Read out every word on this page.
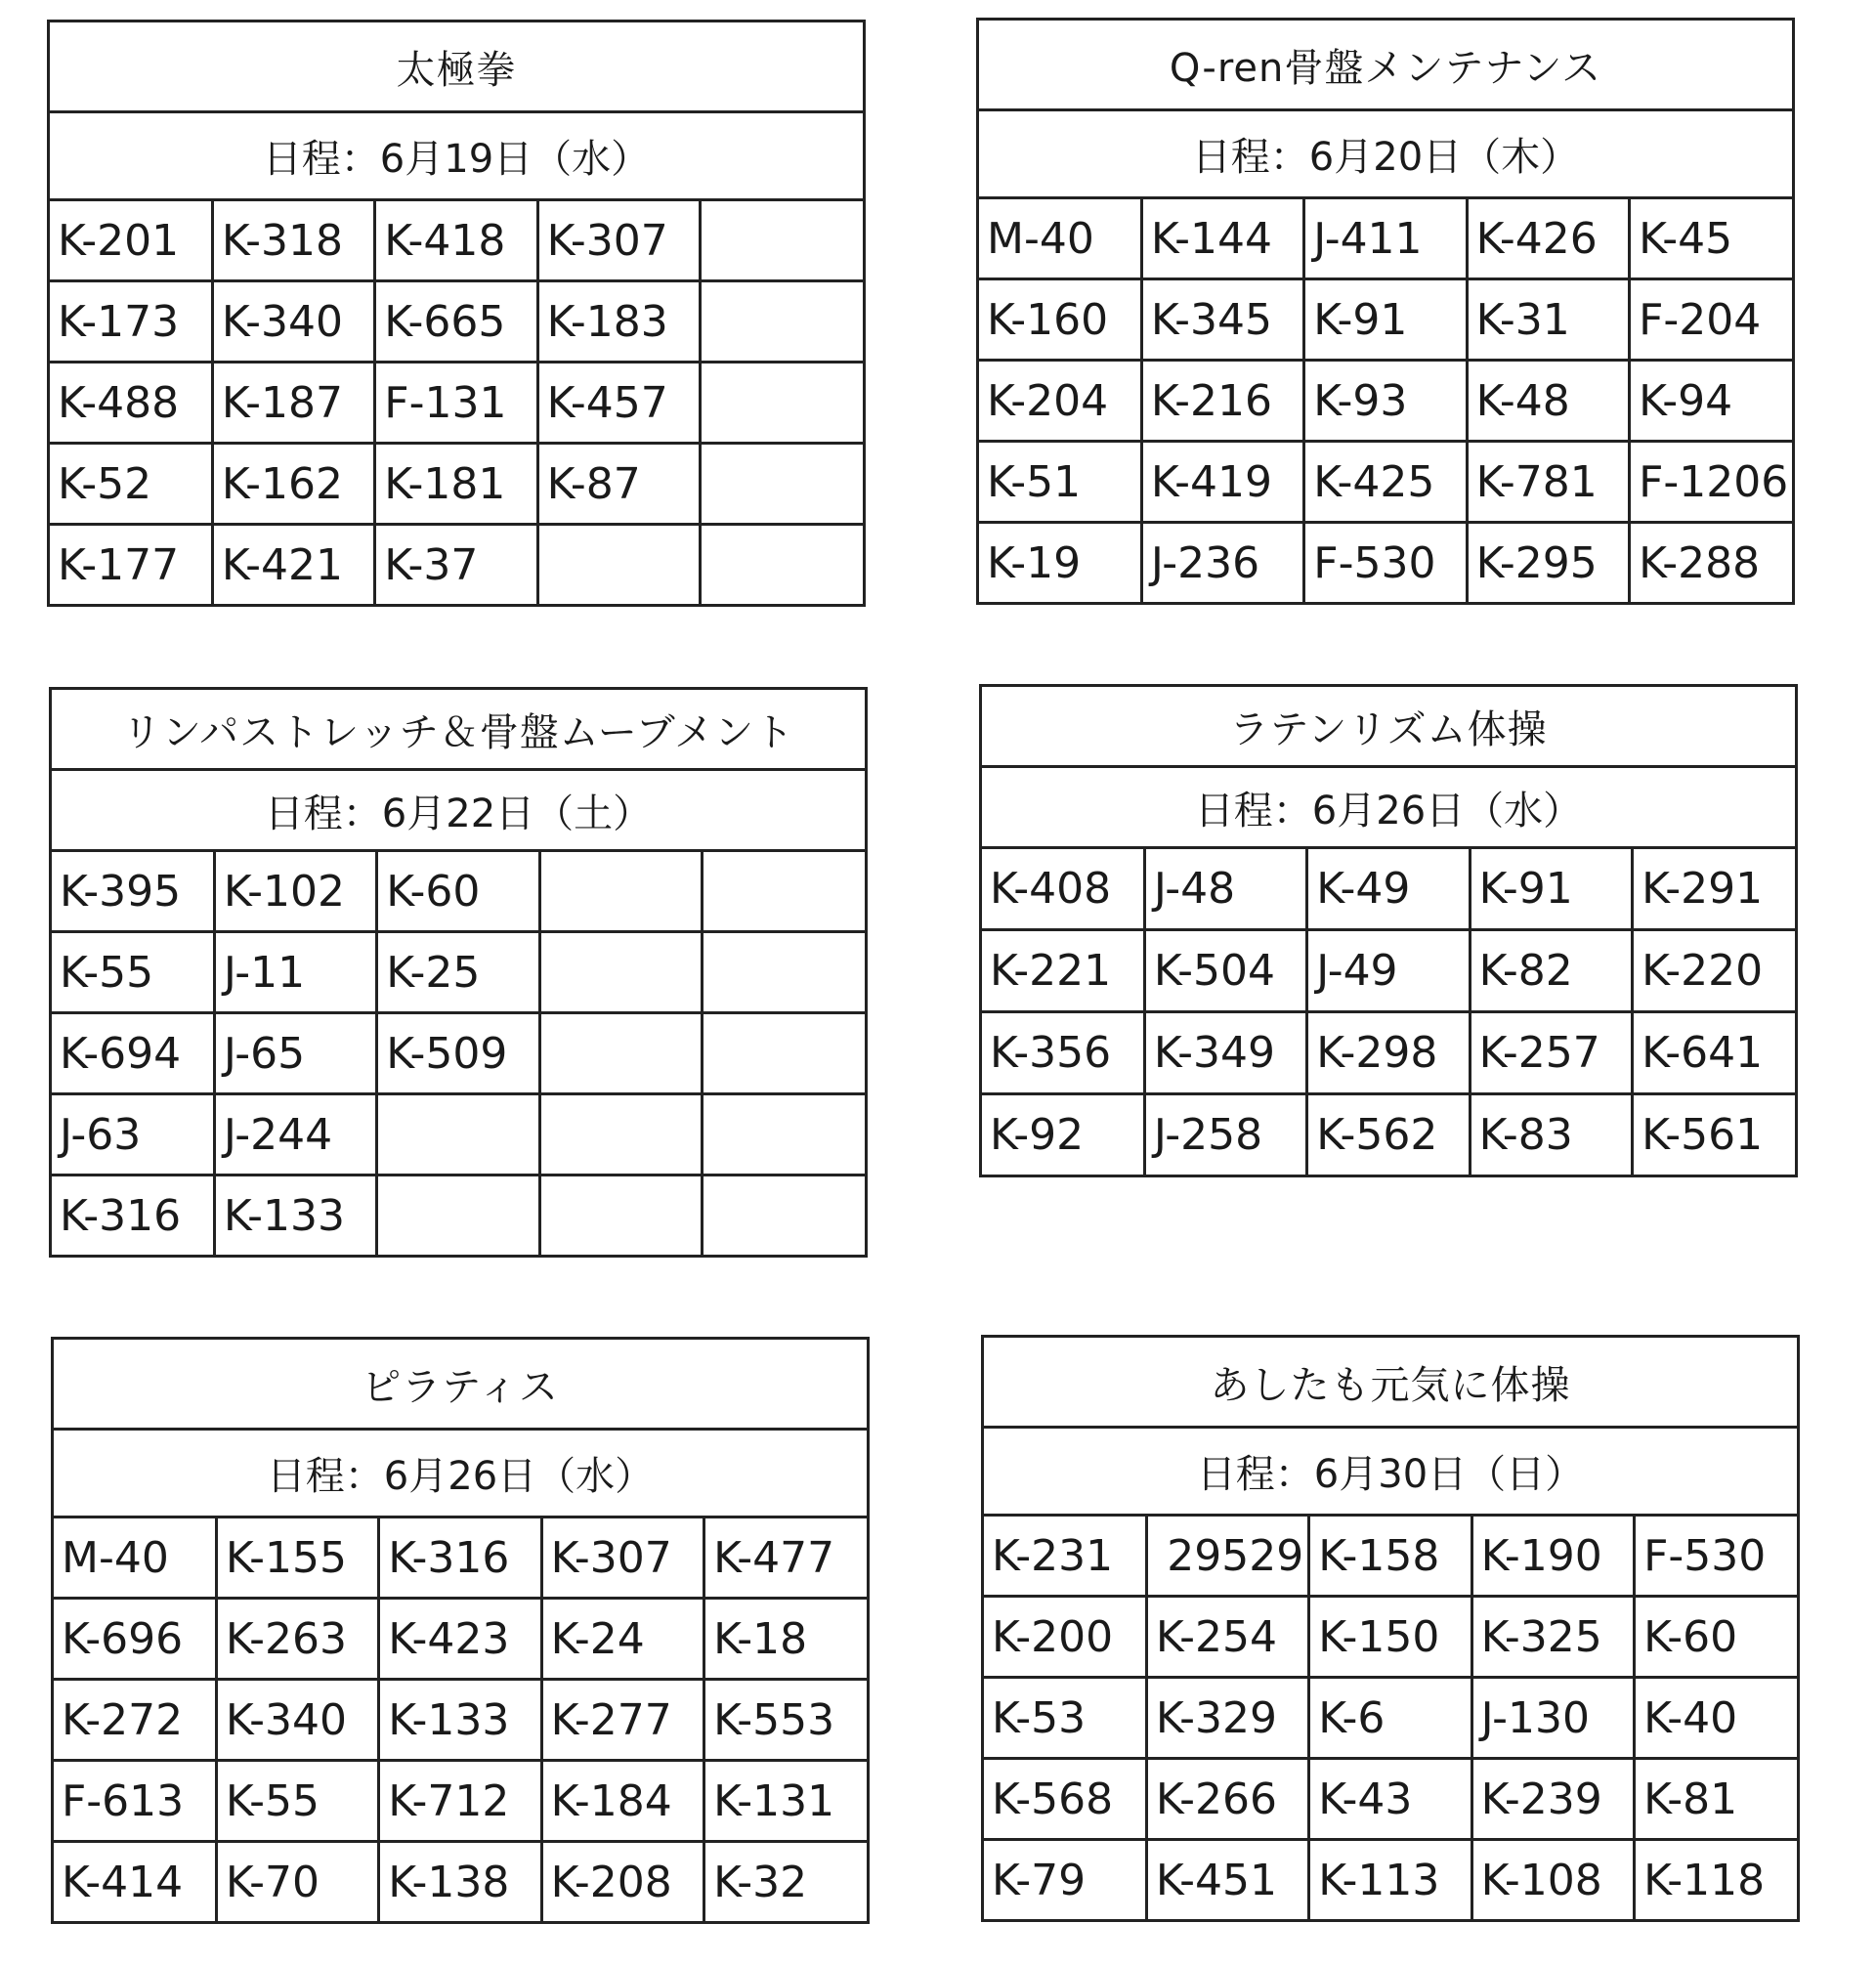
太極拳
日程：6月19日（水）
K-201	K-318	K-418	K-307	
K-173	K-340	K-665	K-183	
K-488	K-187	F-131	K-457	
K-52	K-162	K-181	K-87	
K-177	K-421	K-37		
Q-ren骨盤メンテナンス
日程：6月20日（木）
M-40	K-144	J-411	K-426	K-45
K-160	K-345	K-91	K-31	F-204
K-204	K-216	K-93	K-48	K-94
K-51	K-419	K-425	K-781	F-1206
K-19	J-236	F-530	K-295	K-288
リンパストレッチ＆骨盤ムーブメント
日程：6月22日（土）
K-395	K-102	K-60		
K-55	J-11	K-25		
K-694	J-65	K-509		
J-63	J-244			
K-316	K-133			
ラテンリズム体操
日程：6月26日（水）
K-408	J-48	K-49	K-91	K-291
K-221	K-504	J-49	K-82	K-220
K-356	K-349	K-298	K-257	K-641
K-92	J-258	K-562	K-83	K-561
ピラティス
日程：6月26日（水）
M-40	K-155	K-316	K-307	K-477
K-696	K-263	K-423	K-24	K-18
K-272	K-340	K-133	K-277	K-553
F-613	K-55	K-712	K-184	K-131
K-414	K-70	K-138	K-208	K-32
あしたも元気に体操
日程：6月30日（日）
K-231	29529	K-158	K-190	F-530
K-200	K-254	K-150	K-325	K-60
K-53	K-329	K-6	J-130	K-40
K-568	K-266	K-43	K-239	K-81
K-79	K-451	K-113	K-108	K-118
